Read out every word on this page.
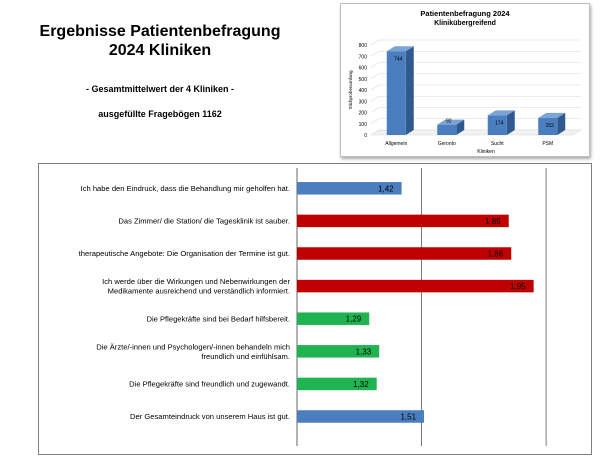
Ergebnisse Patientenbefragung
2024 Kliniken
- Gesamtmittelwert der 4 Kliniken -
ausgefüllte Fragebögen 1162
Patientenbefragung 2024
Klinikübergreifend
0
100
200
300
400
500
600
700
800
Stichprobenumfang
744
Allgemein
92
Geronto
174
Sucht
152
PSM
Kliniken
Ich habe den Eindruck, dass die Behandlung mir geholfen hat.	1,42
Das Zimmer/ die Station/ die Tagesklinik ist sauber.	1,85
therapeutische Angebote: Die Organisation der Termine ist gut.	1,86
Ich werde über die Wirkungen und Nebenwirkungen der Medikamente ausreichend und verständlich informiert.	1,95
Die Pflegekräfte sind bei Bedarf hilfsbereit.	1,29
Die Ärzte/-innen und Psychologen/-innen behandeln mich freundlich und einfühlsam.	1,33
Die Pflegekräfte sind freundlich und zugewandt.	1,32
Der Gesamteindruck von unserem Haus ist gut.	1,51
